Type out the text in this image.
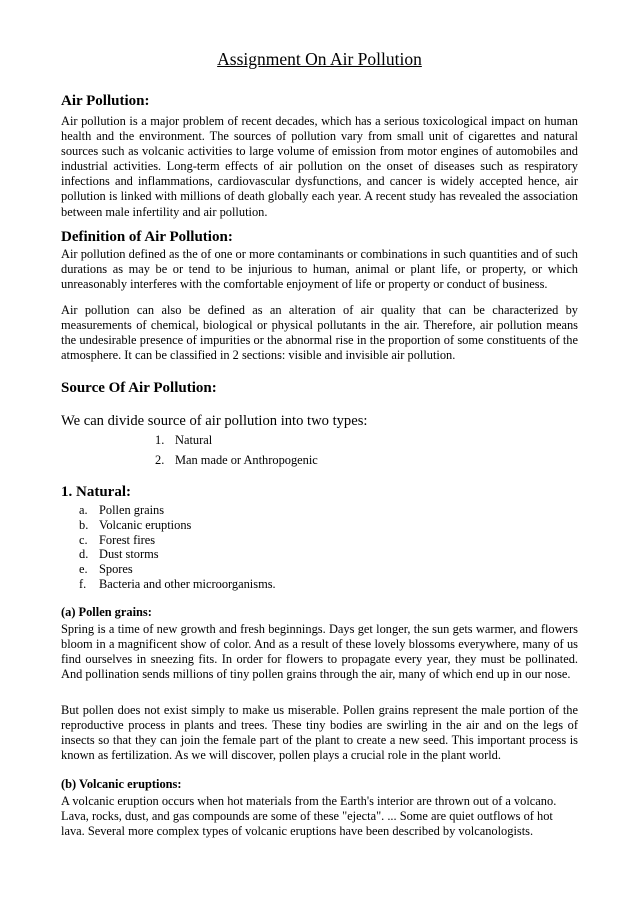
Assignment On Air Pollution
Air Pollution:

Air pollution is a major problem of recent decades, which has a serious toxicological impact on human health and the environment. The sources of pollution vary from small unit of cigarettes and natural sources such as volcanic activities to large volume of emission from motor engines of automobiles and industrial activities. Long-term effects of air pollution on the onset of diseases such as respiratory infections and inflammations, cardiovascular dysfunctions, and cancer is widely accepted hence, air pollution is linked with millions of death globally each year. A recent study has revealed the association between male infertility and air pollution.

Definition of Air Pollution:

Air pollution defined as the of one or more contaminants or combinations in such quantities and of such durations as may be or tend to be injurious to human, animal or plant life, or property, or which unreasonably interferes with the comfortable enjoyment of life or property or conduct of business.

Air pollution can also be defined as an alteration of air quality that can be characterized by measurements of chemical, biological or physical pollutants in the air. Therefore, air pollution means the undesirable presence of impurities or the abnormal rise in the proportion of some constituents of the atmosphere. It can be classified in 2 sections: visible and invisible air pollution.

Source Of Air Pollution:

We can divide source of air pollution into two types:

1. Natural
2. Man made or Anthropogenic
1. Natural:
a. Pollen grains
b. Volcanic eruptions
c. Forest fires
d. Dust storms
e. Spores
f. Bacteria and other microorganisms.
(a) Pollen grains:

Spring is a time of new growth and fresh beginnings. Days get longer, the sun gets warmer, and flowers bloom in a magnificent show of color. And as a result of these lovely blossoms everywhere, many of us find ourselves in sneezing fits. In order for flowers to propagate every year, they must be pollinated. And pollination sends millions of tiny pollen grains through the air, many of which end up in our nose.

But pollen does not exist simply to make us miserable. Pollen grains represent the male portion of the reproductive process in plants and trees. These tiny bodies are swirling in the air and on the legs of insects so that they can join the female part of the plant to create a new seed. This important process is known as fertilization. As we will discover, pollen plays a crucial role in the plant world.

(b) Volcanic eruptions:

A volcanic eruption occurs when hot materials from the Earth's interior are thrown out of a volcano. Lava, rocks, dust, and gas compounds are some of these "ejecta". ... Some are quiet outflows of hot lava. Several more complex types of volcanic eruptions have been described by volcanologists.
